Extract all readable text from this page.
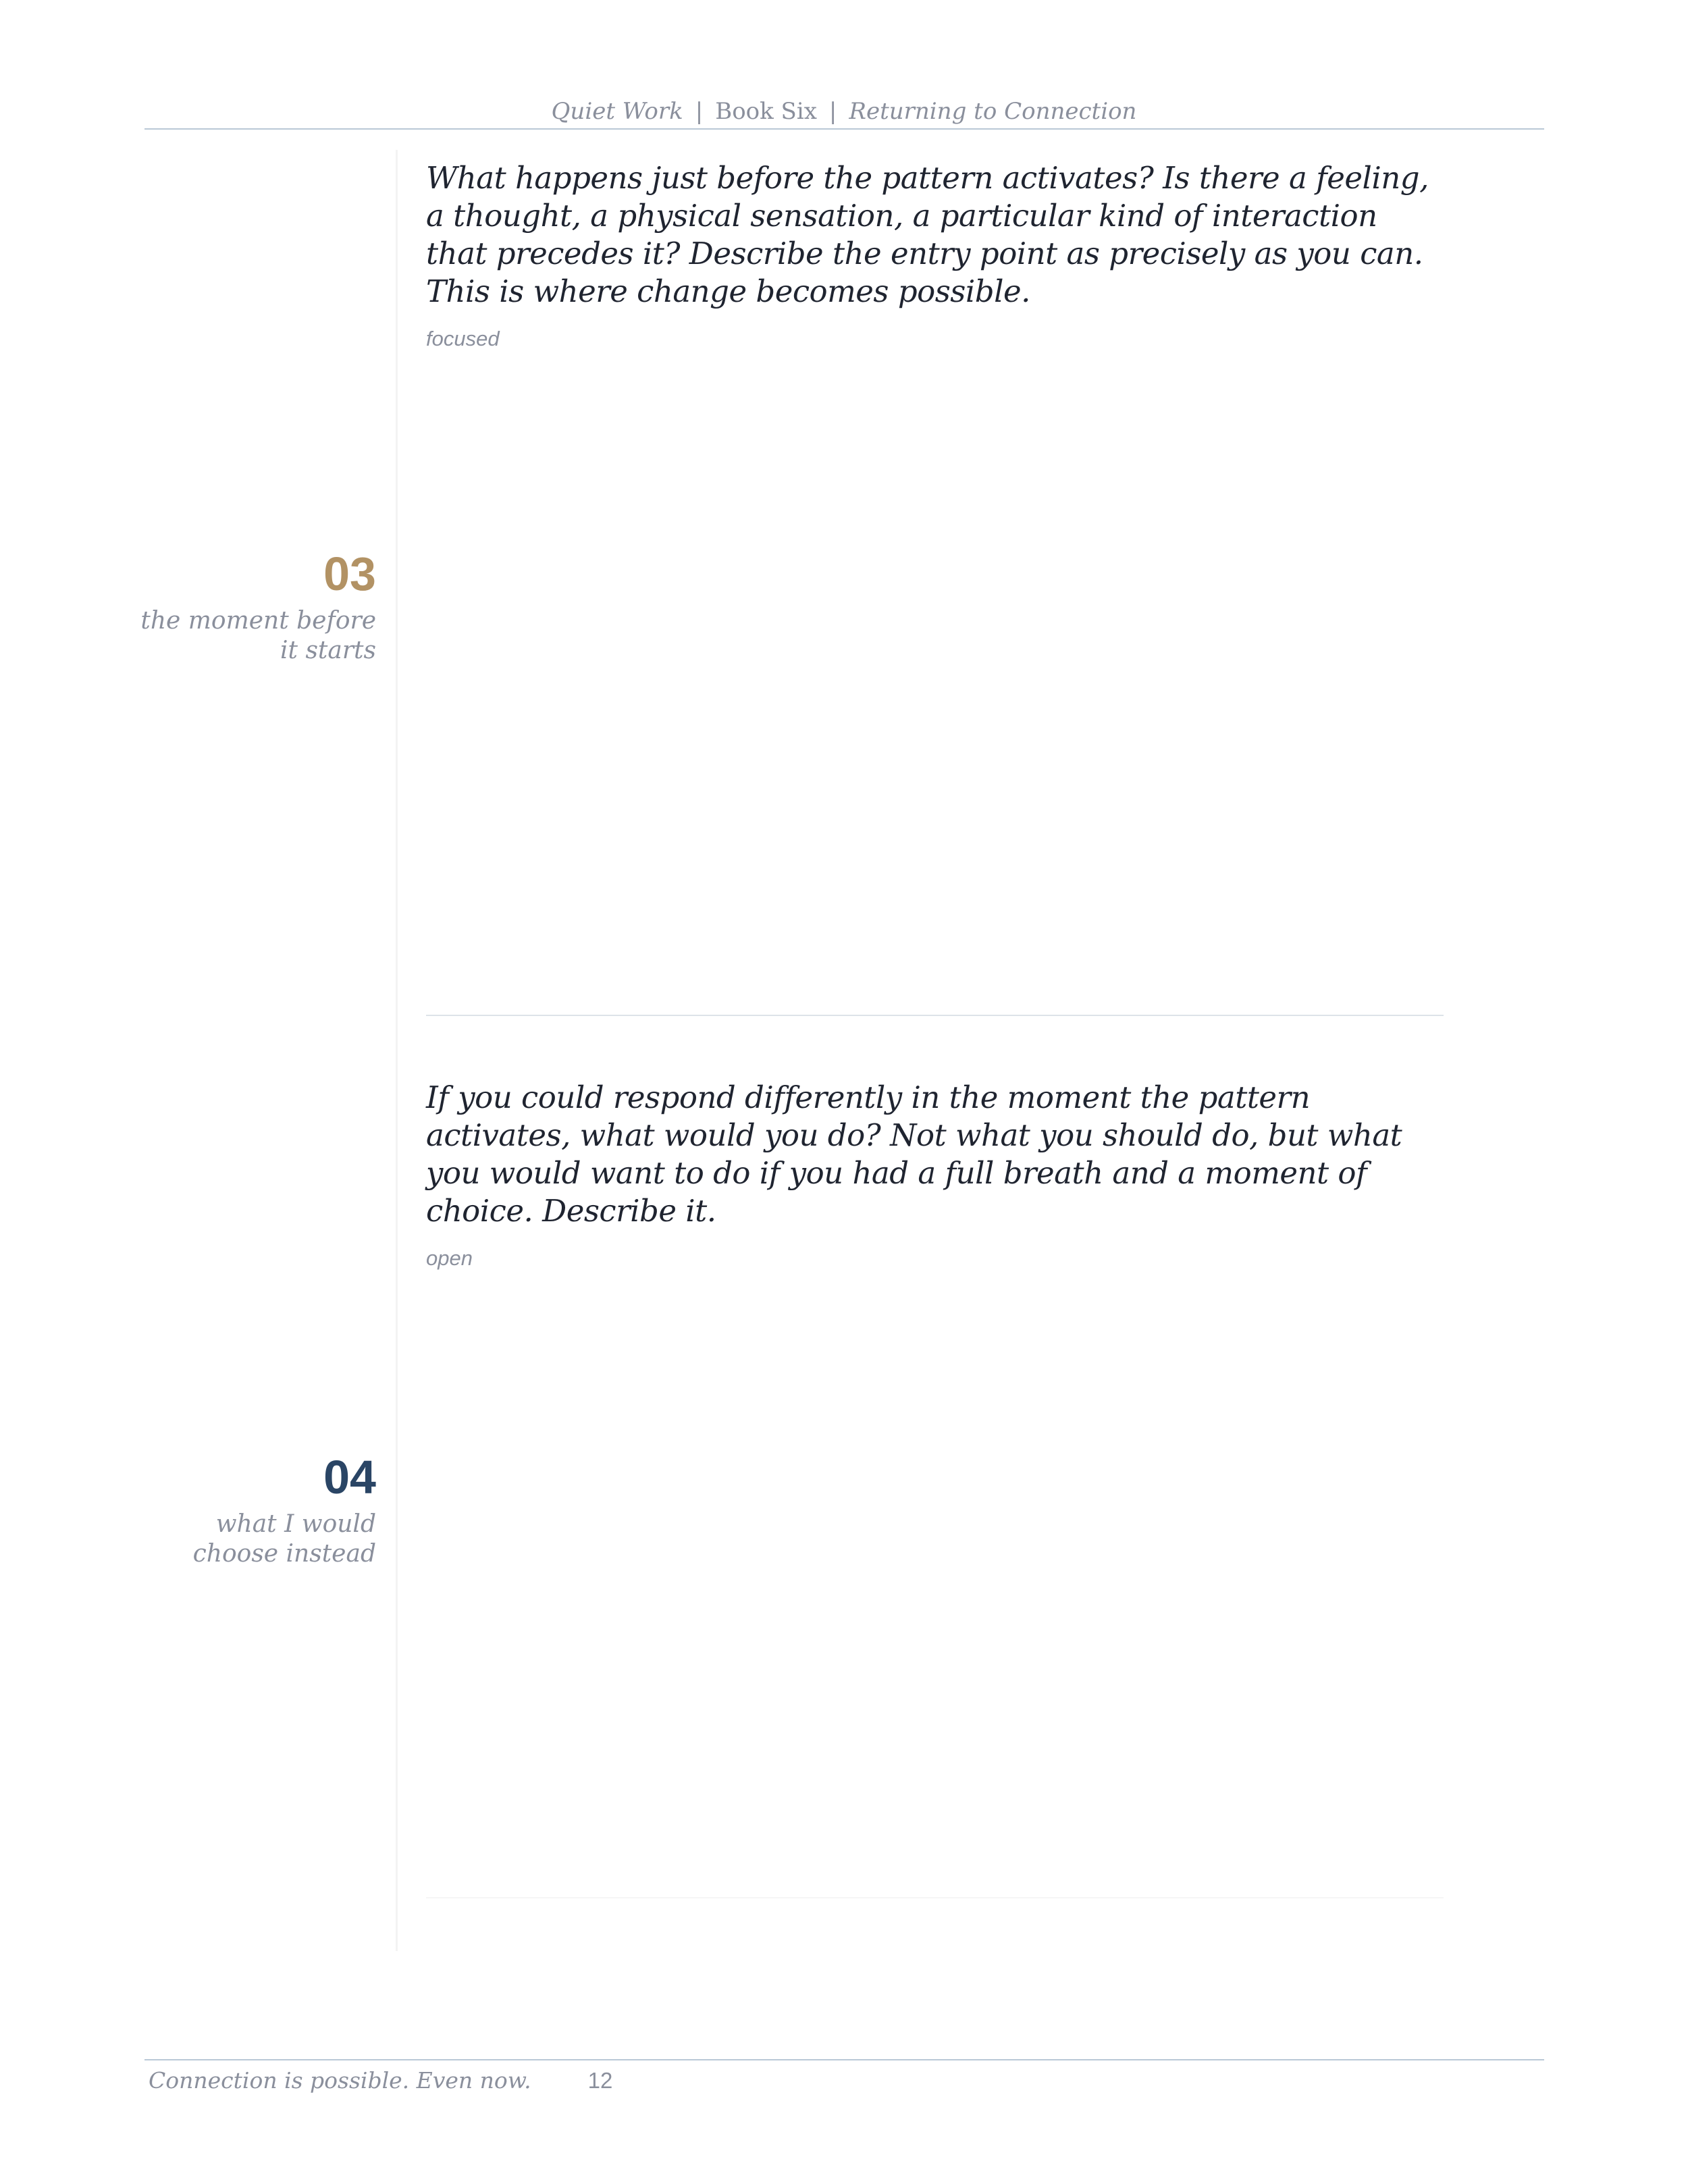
Quiet Work | Book Six | Returning to Connection
03
the moment before
it starts

What happens just before the pattern activates? Is there a feeling, a thought, a physical sensation, a particular kind of interaction that precedes it? Describe the entry point as precisely as you can. This is where change becomes possible.

focused
04
what I would
choose instead

If you could respond differently in the moment the pattern activates, what would you do? Not what you should do, but what you would want to do if you had a full breath and a moment of choice. Describe it.

open
Connection is possible. Even now.	12
